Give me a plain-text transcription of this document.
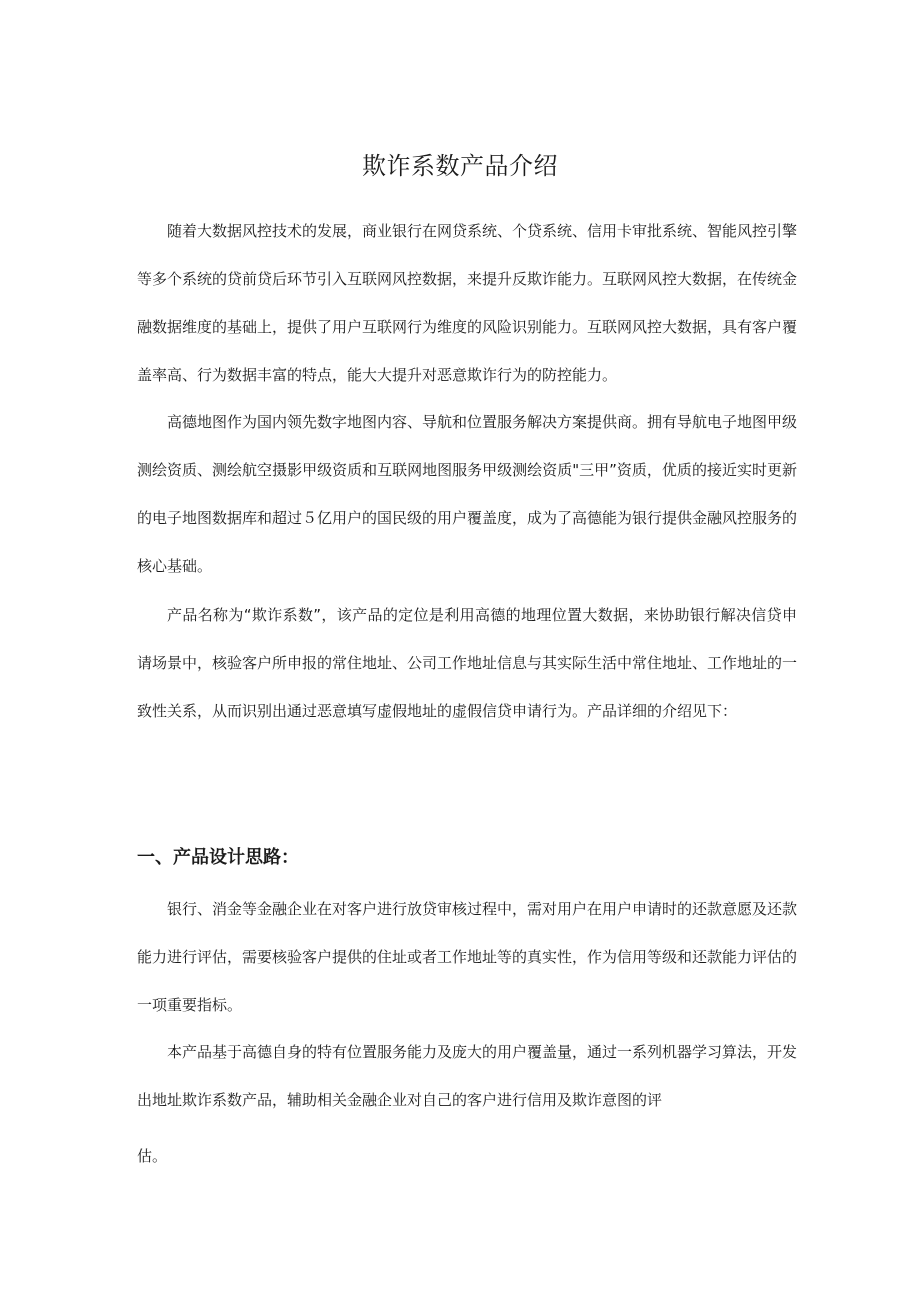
欺诈系数产品介绍

随着大数据风控技术的发展，商业银行在网贷系统、个贷系统、信用卡审批系统、智能风控引擎等多个系统的贷前贷后环节引入互联网风控数据，来提升反欺诈能力。互联网风控大数据，在传统金融数据维度的基础上，提供了用户互联网行为维度的风险识别能力。互联网风控大数据，具有客户覆盖率高、行为数据丰富的特点，能大大提升对恶意欺诈行为的防控能力。

高德地图作为国内领先数字地图内容、导航和位置服务解决方案提供商。拥有导航电子地图甲级测绘资质、测绘航空摄影甲级资质和互联网地图服务甲级测绘资质"三甲”资质，优质的接近实时更新的电子地图数据库和超过５亿用户的国民级的用户覆盖度，成为了高德能为银行提供金融风控服务的核心基础。

产品名称为“欺诈系数”，该产品的定位是利用高德的地理位置大数据，来协助银行解决信贷申请场景中，核验客户所申报的常住地址、公司工作地址信息与其实际生活中常住地址、工作地址的一致性关系，从而识别出通过恶意填写虚假地址的虚假信贷申请行为。产品详细的介绍见下：

一、产品设计思路：

银行、消金等金融企业在对客户进行放贷审核过程中，需对用户在用户申请时的还款意愿及还款能力进行评估，需要核验客户提供的住址或者工作地址等的真实性，作为信用等级和还款能力评估的一项重要指标。

本产品基于高德自身的特有位置服务能力及庞大的用户覆盖量，通过一系列机器学习算法，开发出地址欺诈系数产品，辅助相关金融企业对自己的客户进行信用及欺诈意图的评

估。
